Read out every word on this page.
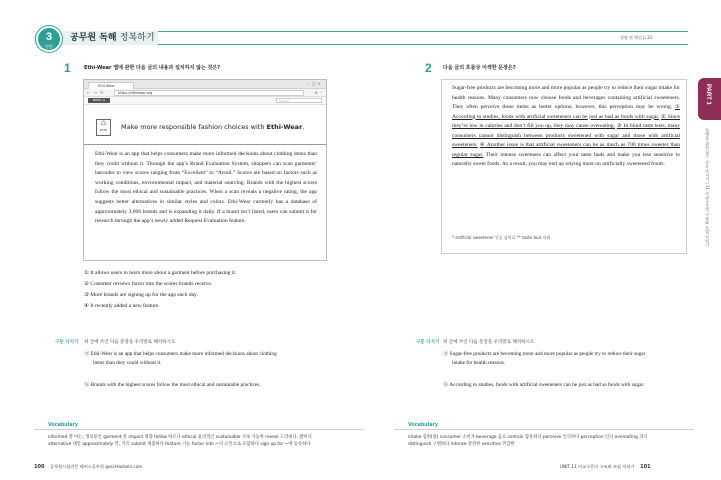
3
단원
공무원 독해 정복하기	정답 및 해설 p.10
1	Ethi-Wear 앱에 관한 다음 글의 내용과 일치하지 않는 것은?
Ethi-Wear	–□×
← → ↻	https://ethiwear.org	⊕ ⋮
MENU ≡	Search
♺
ETHI	Make more responsible fashion choices with Ethi-Wear.
Ethi-Wear is an app that helps consumers make more informed decisions about clothing items than they could without it. Through the app’s Brand Evaluation System, shoppers can scan garments’ barcodes to view scores ranging from “Excellent” to “Avoid.” Scores are based on factors such as working conditions, environmental impact, and material sourcing. Brands with the highest scores follow the most ethical and sustainable practices. When a scan reveals a negative rating, the app suggests better alternatives in similar styles and colors. Ethi-Wear currently has a database of approximately 3,000 brands and is expanding it daily. If a brand isn’t listed, users can submit it for research through the app’s newly added Request Evaluation feature.
① It allows users to learn more about a garment before purchasing it.
② Customer reviews factor into the scores brands receive.
③ More brands are signing up for the app each day.
④ It recently added a new feature.
구문 다지기 위 글에 쓰인 다음 문장을 우리말로 해석하시오.
ⓐ Ethi-Wear is an app that helps consumers make more informed decisions about clothing
items than they could without it.
ⓑ Brands with the highest scores follow the most ethical and sustainable practices.
2 다음 글의 흐름상 어색한 문장은?
Sugar-free products are becoming more and more popular as people try to reduce their sugar intake for health reasons. Many consumers now choose foods and beverages containing artificial sweeteners. They often perceive these items as better options; however, this perception may be wrong. ① According to studies, foods with artificial sweeteners can be just as bad as foods with sugar. ② Since they’re low in calories and don’t fill you up, they may cause overeating. ③ In blind taste tests, many consumers cannot distinguish between products sweetened with sugar and those with artificial sweeteners. ④ Another issue is that artificial sweeteners can be as much as 700 times sweeter than regular sugar. Their intense sweetness can affect your taste buds and make you less sensitive to naturally sweet foods. As a result, you may end up relying more on artificially sweetened foods.
* artificial sweetener 인공 감미료 ** taste bud 미뢰
구문 다지기 위 글에 쓰인 다음 문장을 우리말로 해석하시오.
ⓐ Sugar-free products are becoming more and more popular as people try to reduce their sugar
intake for health reasons.
ⓑ According to studies, foods with artificial sweeteners can be just as bad as foods with sugar.
PART 1
독해를 위한 필수 구문 다지기 | 11 비교구문의 구조와 쓰임 익히기
Vocabulary
informed 잘 아는, 정보통인 garment 옷 impact 영향 follow 따르다 ethical 윤리적인 sustainable 지속 가능한 reveal 드러내다, 밝히다
alternative 대안 approximately 약, 거의 submit 제출하다 feature 기능 factor into ~의 요인으로 포함하다 sign up for ~에 등록하다
Vocabulary
intake 섭취(량) consumer 소비자 beverage 음료 contain 함유하다 perceive 인식하다 perception 인식 overeating 과식
distinguish 구별하다 intense 강렬한 sensitive 민감한
100 공무원시험전문 해커스공무원 gosi.Hackers.com	UNIT 11 비교구문의 구조와 쓰임 익히기 101
